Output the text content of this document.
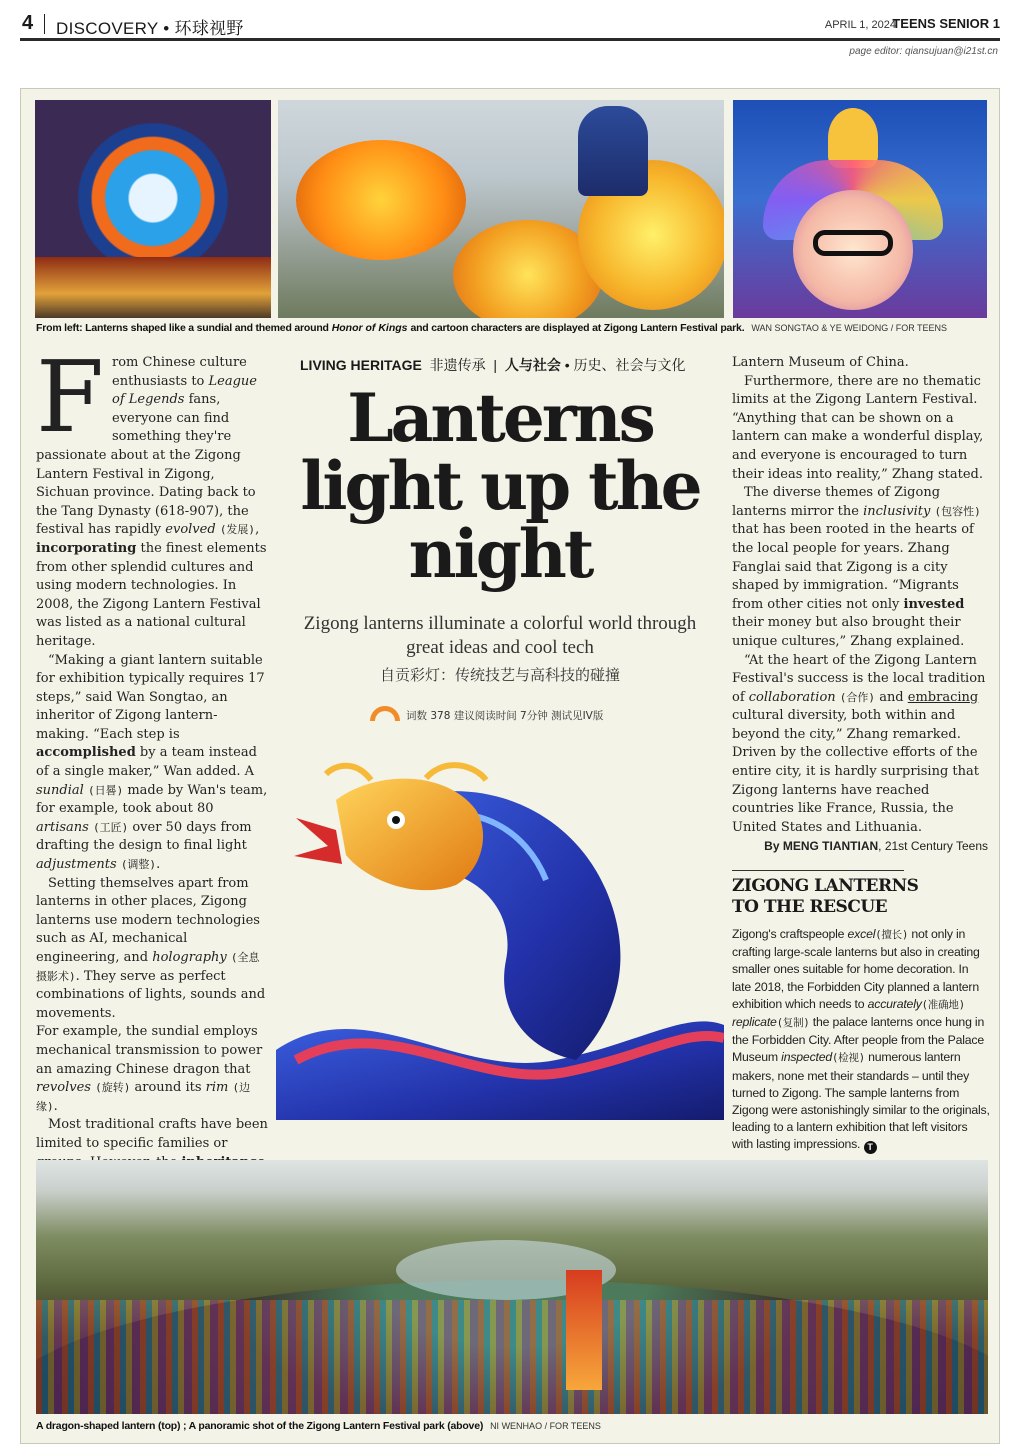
4 DISCOVERY • 环球视野	APRIL 1, 2024
TEENS SENIOR 1
page editor: qiansujuan@i21st.cn
From left: Lanterns shaped like a sundial and themed around Honor of Kings and cartoon characters are displayed at Zigong Lantern Festival park. WAN SONGTAO & YE WEIDONG / FOR TEENS

From Chinese culture enthusiasts to League of Legends fans, everyone can find something they're passionate about at the Zigong Lantern Festival in Zigong, Sichuan province. Dating back to the Tang Dynasty (618-907), the festival has rapidly evolved (发展), incorporating the finest elements from other splendid cultures and using modern technologies. In 2008, the Zigong Lantern Festival was listed as a national cultural heritage.

“Making a giant lantern suitable for exhibition typically requires 17 steps,” said Wan Songtao, an inheritor of Zigong lantern-making. “Each step is accomplished by a team instead of a single maker,” Wan added. A sundial (日晷) made by Wan's team, for example, took about 80 artisans (工匠) over 50 days from drafting the design to final light adjustments (调整).

Setting themselves apart from lanterns in other places, Zigong lanterns use modern technologies such as AI, mechanical engineering, and holography (全息摄影术). They serve as perfect combinations of lights, sounds and movements.

For example, the sundial employs mechanical transmission to power an amazing Chinese dragon that revolves (旋转) around its rim (边缘).

Most traditional crafts have been limited to specific families or

LIVING HERITAGE 非遗传承 | 人与社会 • 历史、社会与文化
Lanterns light up the night
Zigong lanterns illuminate a colorful world through great ideas and cool tech
自贡彩灯：传统技艺与高科技的碰撞
词数 378 建议阅读时间 7分钟 测试见IV版

Lantern Museum of China.

Furthermore, there are no thematic limits at the Zigong Lantern Festival. “Anything that can be shown on a lantern can make a wonderful display, and everyone is encouraged to turn their ideas into reality,” Zhang stated.

The diverse themes of Zigong lanterns mirror the inclusivity (包容性) that has been rooted in the hearts of the local people for years. Zhang Fanglai said that Zigong is a city shaped by immigration. “Migrants from other cities not only invested their money but also brought their unique cultures,” Zhang explained.

“At the heart of the Zigong Lantern Festival's success is the local tradition of collaboration (合作) and embracing cultural diversity, both within and beyond the city,” Zhang remarked.

Driven by the collective efforts of the entire city, it is hardly surprising that Zigong lanterns have reached countries like France, Russia, the United States and Lithuania.

By MENG TIANTIAN, 21st Century Teens

ZIGONG LANTERNS
TO THE RESCUE
Zigong's craftspeople excel(擅长) not only in crafting large-scale lanterns but also in creating smaller ones suitable for home decoration. In late 2018, the Forbidden City planned a lantern exhibition which needs to accurately(准确地) replicate(复制) the palace lanterns once hung in the Forbidden City. After people from the Palace Museum inspected(检视) numerous lantern makers, none met their standards – until they turned to Zigong. The sample lanterns from Zigong were astonishingly similar to the originals, leading to a lantern exhibition that left visitors with lasting impressions. T
A dragon-shaped lantern (top) ; A panoramic shot of the Zigong Lantern Festival park (above) NI WENHAO / FOR TEENS
